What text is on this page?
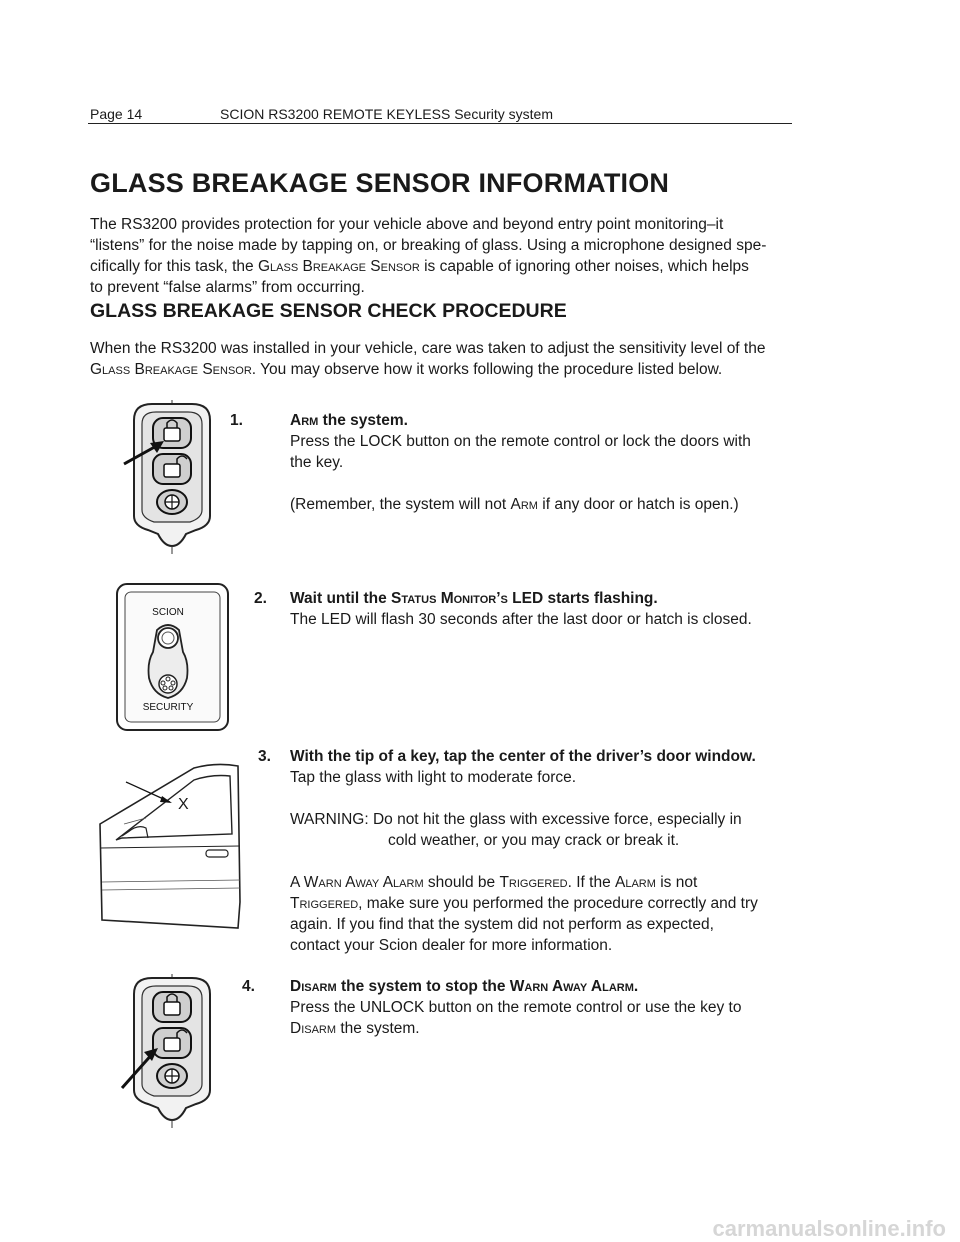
Page 14	SCION RS3200 REMOTE KEYLESS Security system
GLASS BREAKAGE SENSOR INFORMATION

The RS3200 provides protection for your vehicle above and beyond entry point monitoring–it

“listens” for the noise made by tapping on, or breaking of glass. Using a microphone designed spe-

cifically for this task, the Glass Breakage Sensor is capable of ignoring other noises, which helps

to prevent “false alarms” from occurring.

GLASS BREAKAGE SENSOR CHECK PROCEDURE

When the RS3200 was installed in your vehicle, care was taken to adjust the sensitivity level of the

Glass Breakage Sensor. You may observe how it works following the procedure listed below.

1.	Arm the system.
Press the LOCK button on the remote control or lock the doors with
the key.
(Remember, the system will not Arm if any door or hatch is open.)
SCION
SECURITY
2. Wait until the Status Monitor’s LED starts flashing.
The LED will flash 30 seconds after the last door or hatch is closed.
X
3. With the tip of a key, tap the center of the driver’s door window.
Tap the glass with light to moderate force.
WARNING: Do not hit the glass with excessive force, especially in
cold weather, or you may crack or break it.
A Warn Away Alarm should be Triggered. If the Alarm is not
Triggered, make sure you performed the procedure correctly and try
again. If you find that the system did not perform as expected,
contact your Scion dealer for more information.
4. Disarm the system to stop the Warn Away Alarm.
Press the UNLOCK button on the remote control or use the key to
Disarm the system.
carmanualsonline.info
